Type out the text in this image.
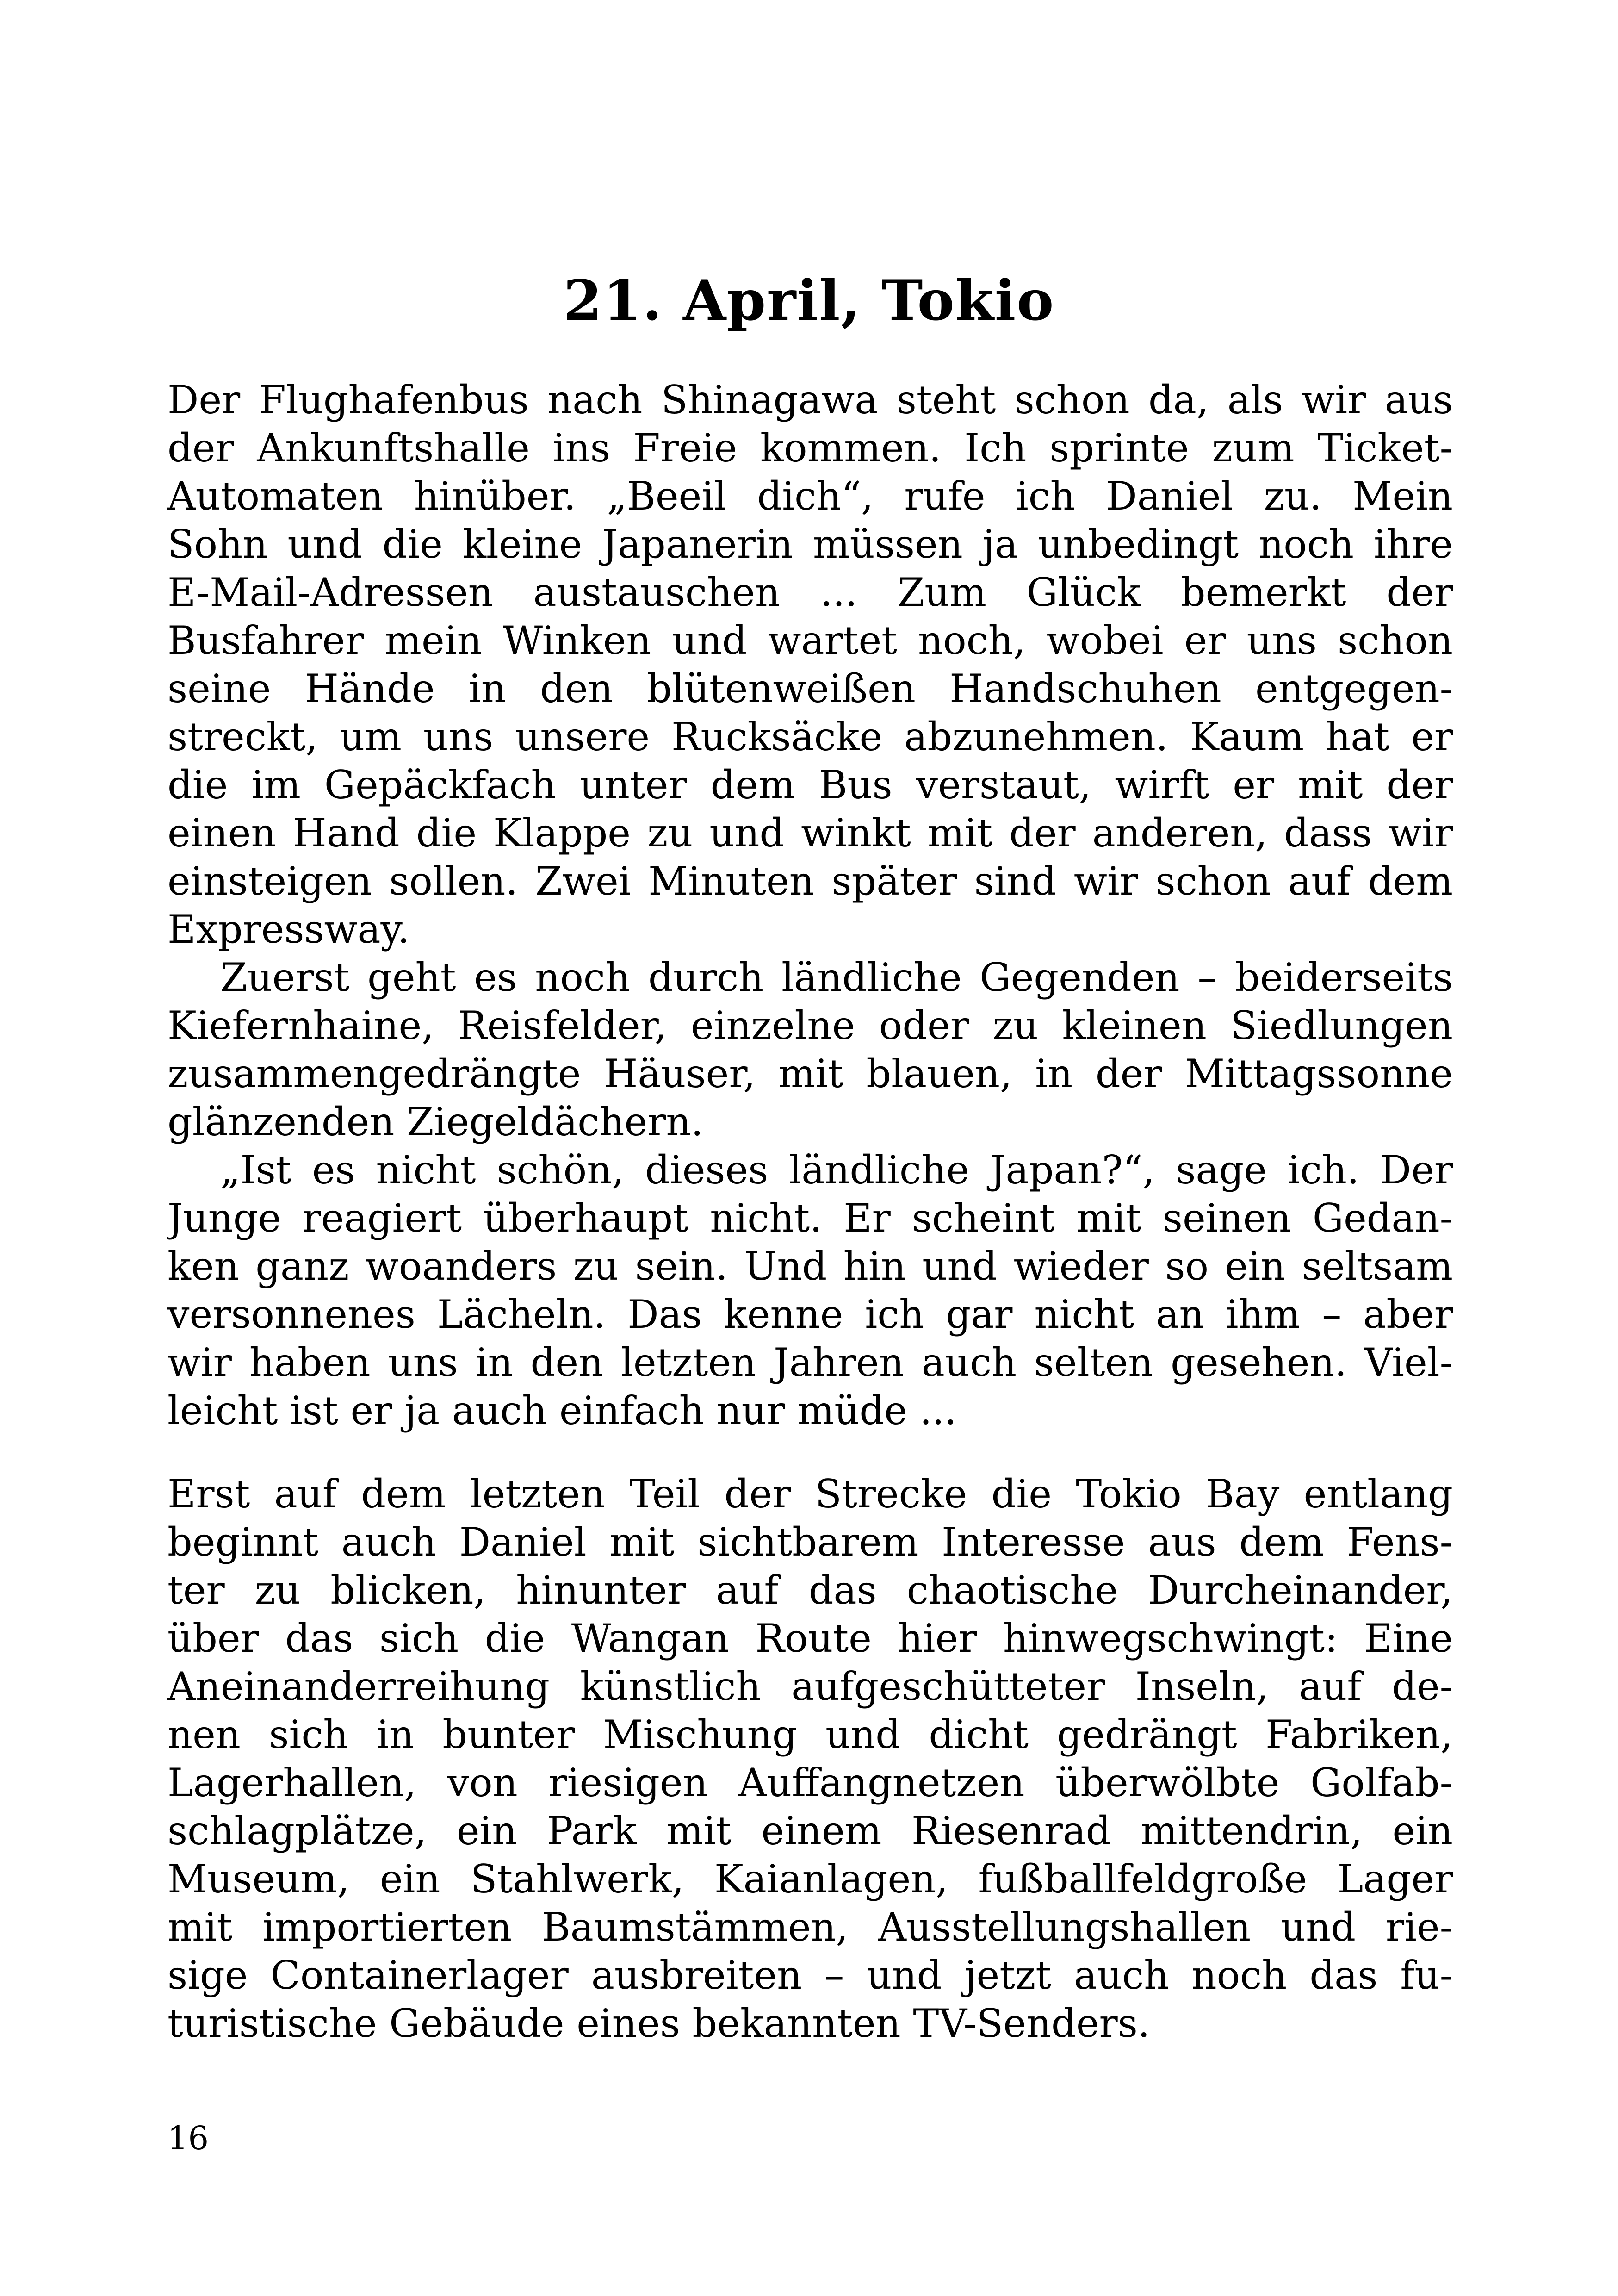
21. April, Tokio
Der Flughafenbus nach Shinagawa steht schon da, als wir aus
der Ankunftshalle ins Freie kommen. Ich sprinte zum Ticket-
Automaten hinüber. „Beeil dich“, rufe ich Daniel zu. Mein
Sohn und die kleine Japanerin müssen ja unbedingt noch ihre
E-Mail-Adressen austauschen ... Zum Glück bemerkt der
Busfahrer mein Winken und wartet noch, wobei er uns schon
seine Hände in den blütenweißen Handschuhen entgegen-
streckt, um uns unsere Rucksäcke abzunehmen. Kaum hat er
die im Gepäckfach unter dem Bus verstaut, wirft er mit der
einen Hand die Klappe zu und winkt mit der anderen, dass wir
einsteigen sollen. Zwei Minuten später sind wir schon auf dem
Expressway.
Zuerst geht es noch durch ländliche Gegenden – beiderseits
Kiefernhaine, Reisfelder, einzelne oder zu kleinen Siedlungen
zusammengedrängte Häuser, mit blauen, in der Mittagssonne
glänzenden Ziegeldächern.
„Ist es nicht schön, dieses ländliche Japan?“, sage ich. Der
Junge reagiert überhaupt nicht. Er scheint mit seinen Gedan-
ken ganz woanders zu sein. Und hin und wieder so ein seltsam
versonnenes Lächeln. Das kenne ich gar nicht an ihm – aber
wir haben uns in den letzten Jahren auch selten gesehen. Viel-
leicht ist er ja auch einfach nur müde ...
Erst auf dem letzten Teil der Strecke die Tokio Bay entlang
beginnt auch Daniel mit sichtbarem Interesse aus dem Fens-
ter zu blicken, hinunter auf das chaotische Durcheinander,
über das sich die Wangan Route hier hinwegschwingt: Eine
Aneinanderreihung künstlich aufgeschütteter Inseln, auf de-
nen sich in bunter Mischung und dicht gedrängt Fabriken,
Lagerhallen, von riesigen Auffangnetzen überwölbte Golfab-
schlagplätze, ein Park mit einem Riesenrad mittendrin, ein
Museum, ein Stahlwerk, Kaianlagen, fußballfeldgroße Lager
mit importierten Baumstämmen, Ausstellungshallen und rie-
sige Containerlager ausbreiten – und jetzt auch noch das fu-
turistische Gebäude eines bekannten TV-Senders.
16
